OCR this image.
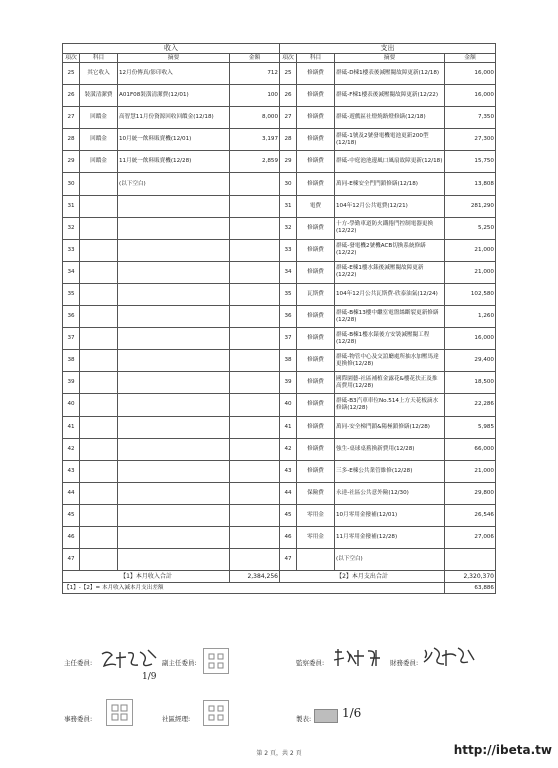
收入				支出			
項次	科目	摘要	金額	項次	科目	摘要	金額
25	其它收入	12月份傳真/影印收入	712	25	修繕費	群砥-D棟1樓表後減壓閥故障更新(12/18)	16,000
26	裝潢清潔費	A01F08裝潢清潔費(12/01)	100	26	修繕費	群砥-F棟1樓表後減壓閥故障更新(12/22)	16,000
27	回饋金	高智慧11月份資源回收回饋金(12/18)	8,000	27	修繕費	群砥-遊戲區社燈燒路燈修繕(12/18)	7,350
28	回饋金	10月統一飲料販賣機(12/01)	3,197	28	修繕費	群砥-1號及2號發電機電池更新200型(12/18)	27,300
29	回饋金	11月統一飲料販賣機(12/28)	2,859	29	修繕費	群砥-中庭池池邊風口風扇故障更新(12/18)	15,750
30		(以下空白)		30	修繕費	萬同-E棟安全門門鎖修繕(12/18)	13,808
31				31	電費	104年12月公共電費(12/21)	281,290
32				32	修繕費	十方-學勤車道防火鐵捲門控制電器更換(12/22)	5,250
33				33	修繕費	群砥-發電機2號機ACB切換系統修繕(12/22)	21,000
34				34	修繕費	群砥-E棟1樓水錶後減壓閥故障更新(12/22)	21,000
35				35	瓦斯費	104年12月公共瓦斯費-欣泰油氣(12/24)	102,580
36				36	修繕費	群砥-B棟13樓中繼室電盤絲斷裂更新修繕(12/28)	1,260
37				37	修繕費	群砥-B棟1樓水錶後方安裝減壓閥工程(12/28)	16,000
38				38	修繕費	群砥-物管中心及交誼廳處所抽水加壓馬達更換修(12/28)	29,400
39				39	修繕費	國際園藝-社區補植金露花&樓花扶正及推高費用(12/28)	18,500
40				40	修繕費	群砥-B3汽車車位No.514上方天花板滴水修繕(12/28)	22,286
41				41	修繕費	萬同-安全梯門鎖&陽極鎖修繕(12/28)	5,985
42				42	修繕費	強生-桌球桌舊換新費用(12/28)	66,000
43				43	修繕費	三多-E棟公共業管維修(12/28)	21,000
44				44	保險費	永達-社區公共意外險(12/30)	29,800
45				45	零用金	10月零用金撥補(12/01)	26,546
46				46	零用金	11月零用金撥補(12/28)	27,006
47				47		(以下空白)	
【1】本月收入合計			2,384,256	【2】本月支出合計			2,320,370
【1】-【2】= 本月收入減本月支出差額							63,886
主任委員:
1/9
副主任委員:	監察委員:	財務委員:
事務委員:	社區經理:	製表:	1/6
第 2 頁，共 2 頁	http://ibeta.tw
